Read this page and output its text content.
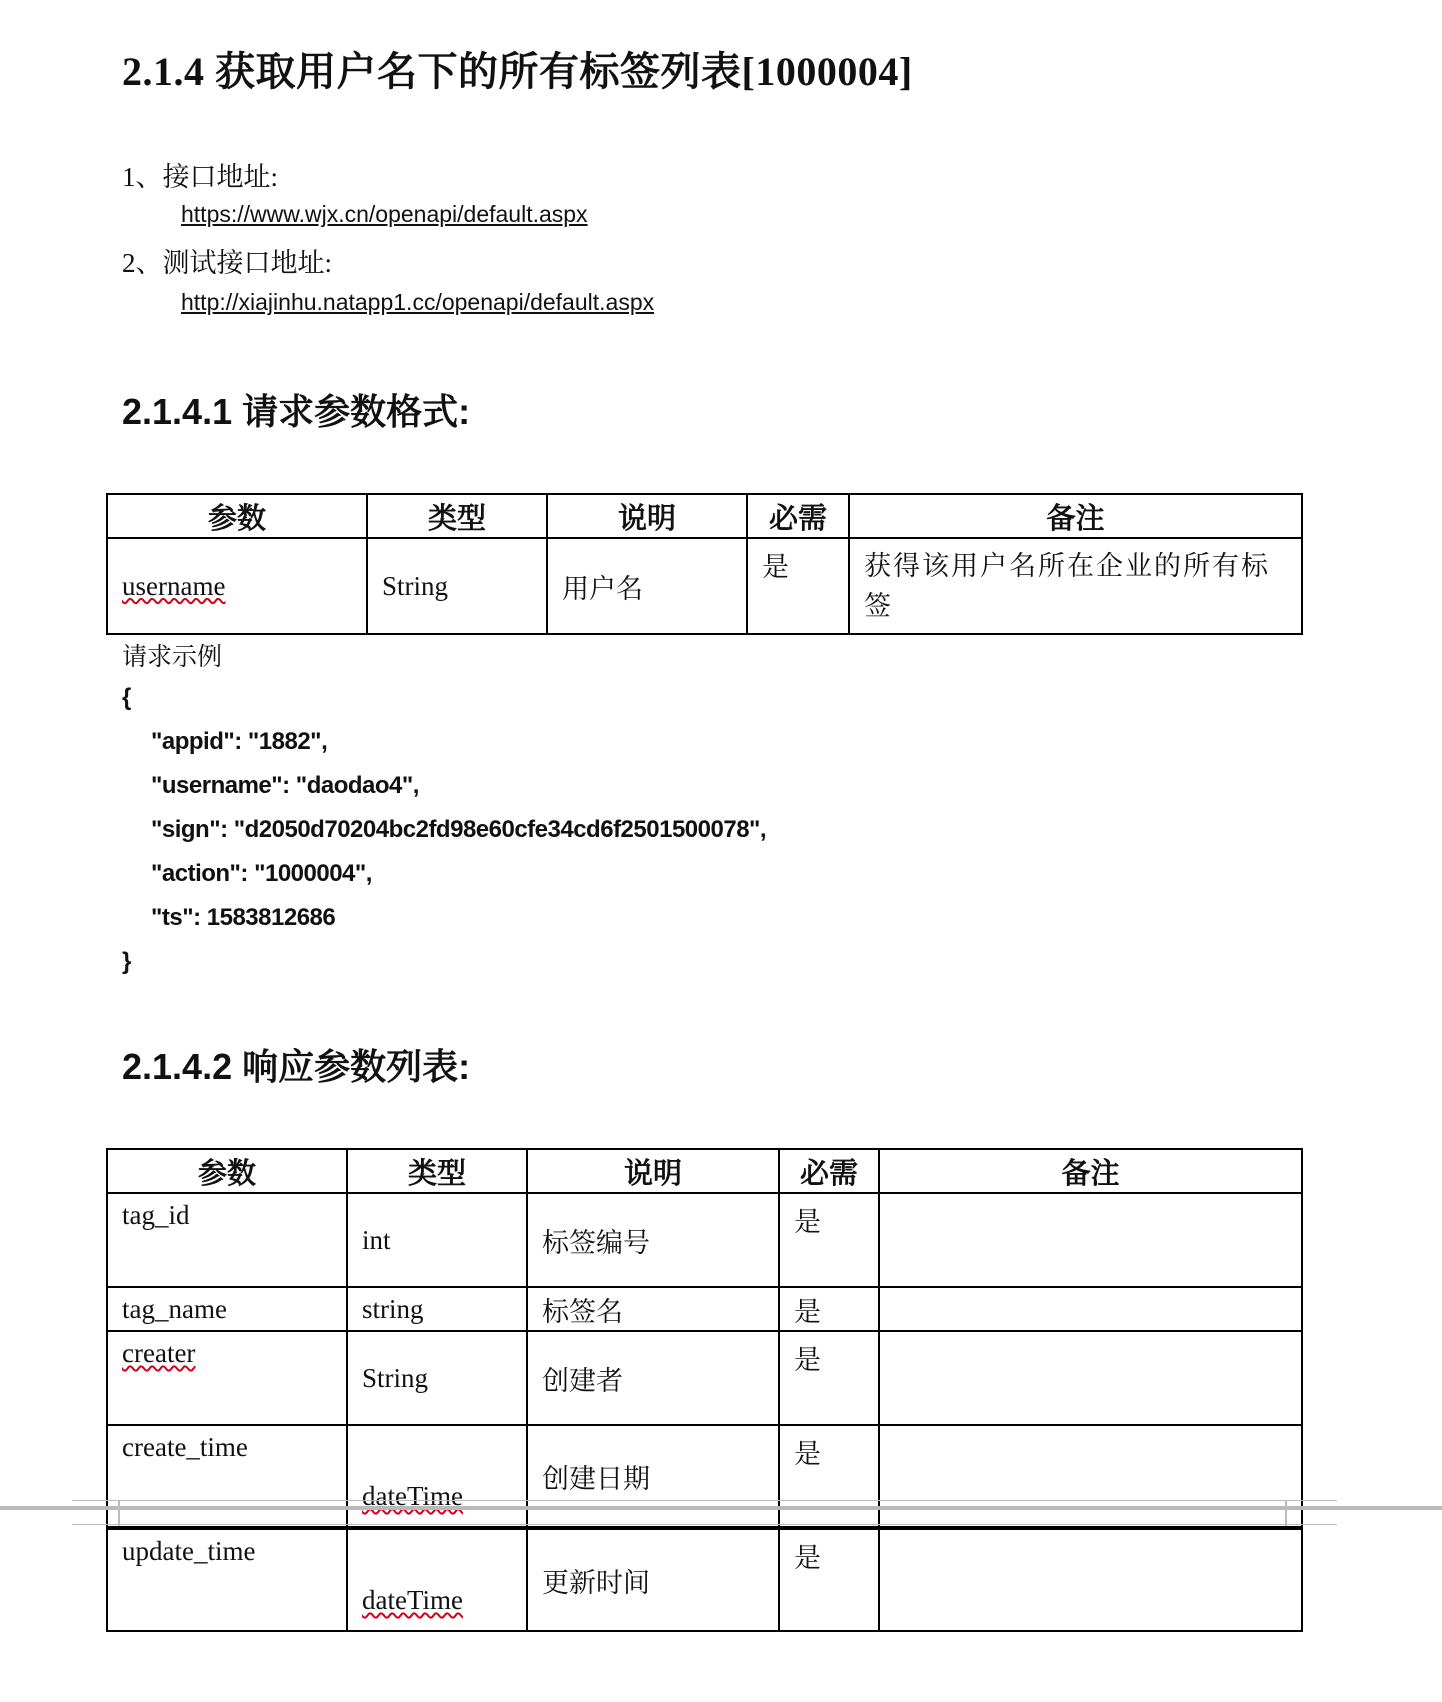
2.1.4 获取用户名下的所有标签列表[1000004]
1、接口地址:
https://www.wjx.cn/openapi/default.aspx
2、测试接口地址:
http://xiajinhu.natapp1.cc/openapi/default.aspx
2.1.4.1 请求参数格式:
参数	类型	说明	必需	备注
username	String	用户名	是	获得该用户名所在企业的所有标签
请求示例
{
"appid": "1882",
"username": "daodao4",
"sign": "d2050d70204bc2fd98e60cfe34cd6f2501500078",
"action": "1000004",
"ts": 1583812686
}
2.1.4.2 响应参数列表:
参数	类型	说明	必需	备注
tag_id	int	标签编号	是	
tag_name	string	标签名	是	
creater	String	创建者	是	
create_time	dateTime	创建日期	是	
update_time	dateTime	更新时间	是	
